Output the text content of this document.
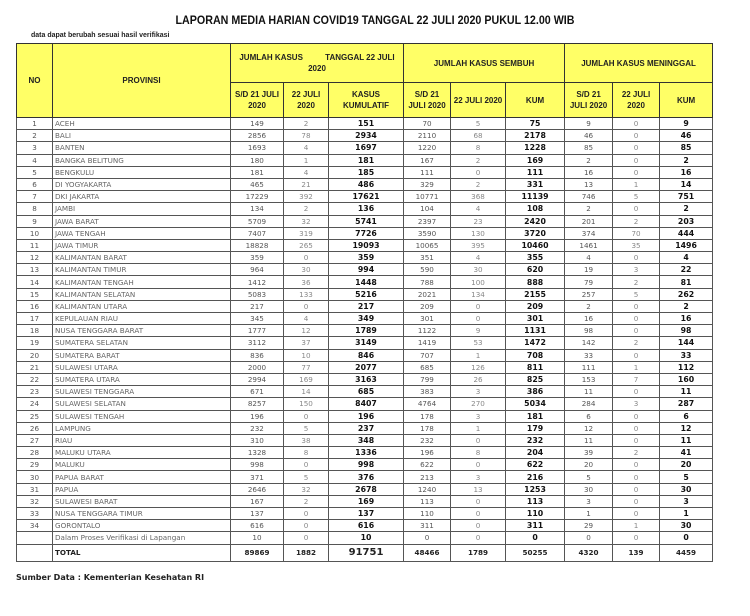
LAPORAN MEDIA HARIAN COVID19 TANGGAL 22 JULI 2020 PUKUL 12.00 WIB
data dapat berubah sesuai hasil verifikasi
NO	PROVINSI	JUMLAH KASUS          TANGGAL 22 JULI 2020			JUMLAH KASUS SEMBUH			JUMLAH KASUS MENINGGAL		
		S/D 21 JULI 2020	22 JULI 2020	KASUS KUMULATIF	S/D 21 JULI 2020	22 JULI 2020	KUM	S/D 21 JULI 2020	22 JULI 2020	KUM
1	ACEH	149	2	151	70	5	75	9	0	9
2	BALI	2856	78	2934	2110	68	2178	46	0	46
3	BANTEN	1693	4	1697	1220	8	1228	85	0	85
4	BANGKA BELITUNG	180	1	181	167	2	169	2	0	2
5	BENGKULU	181	4	185	111	0	111	16	0	16
6	DI YOGYAKARTA	465	21	486	329	2	331	13	1	14
7	DKI JAKARTA	17229	392	17621	10771	368	11139	746	5	751
8	JAMBI	134	2	136	104	4	108	2	0	2
9	JAWA BARAT	5709	32	5741	2397	23	2420	201	2	203
10	JAWA TENGAH	7407	319	7726	3590	130	3720	374	70	444
11	JAWA TIMUR	18828	265	19093	10065	395	10460	1461	35	1496
12	KALIMANTAN BARAT	359	0	359	351	4	355	4	0	4
13	KALIMANTAN TIMUR	964	30	994	590	30	620	19	3	22
14	KALIMANTAN TENGAH	1412	36	1448	788	100	888	79	2	81
15	KALIMANTAN SELATAN	5083	133	5216	2021	134	2155	257	5	262
16	KALIMANTAN UTARA	217	0	217	209	0	209	2	0	2
17	KEPULAUAN RIAU	345	4	349	301	0	301	16	0	16
18	NUSA TENGGARA BARAT	1777	12	1789	1122	9	1131	98	0	98
19	SUMATERA SELATAN	3112	37	3149	1419	53	1472	142	2	144
20	SUMATERA BARAT	836	10	846	707	1	708	33	0	33
21	SULAWESI UTARA	2000	77	2077	685	126	811	111	1	112
22	SUMATERA UTARA	2994	169	3163	799	26	825	153	7	160
23	SULAWESI TENGGARA	671	14	685	383	3	386	11	0	11
24	SULAWESI SELATAN	8257	150	8407	4764	270	5034	284	3	287
25	SULAWESI TENGAH	196	0	196	178	3	181	6	0	6
26	LAMPUNG	232	5	237	178	1	179	12	0	12
27	RIAU	310	38	348	232	0	232	11	0	11
28	MALUKU UTARA	1328	8	1336	196	8	204	39	2	41
29	MALUKU	998	0	998	622	0	622	20	0	20
30	PAPUA BARAT	371	5	376	213	3	216	5	0	5
31	PAPUA	2646	32	2678	1240	13	1253	30	0	30
32	SULAWESI BARAT	167	2	169	113	0	113	3	0	3
33	NUSA TENGGARA TIMUR	137	0	137	110	0	110	1	0	1
34	GORONTALO	616	0	616	311	0	311	29	1	30
	Dalam Proses Verifikasi di Lapangan	10	0	10	0	0	0	0	0	0
	TOTAL	89869	1882	91751	48466	1789	50255	4320	139	4459
Sumber Data : Kementerian Kesehatan RI
